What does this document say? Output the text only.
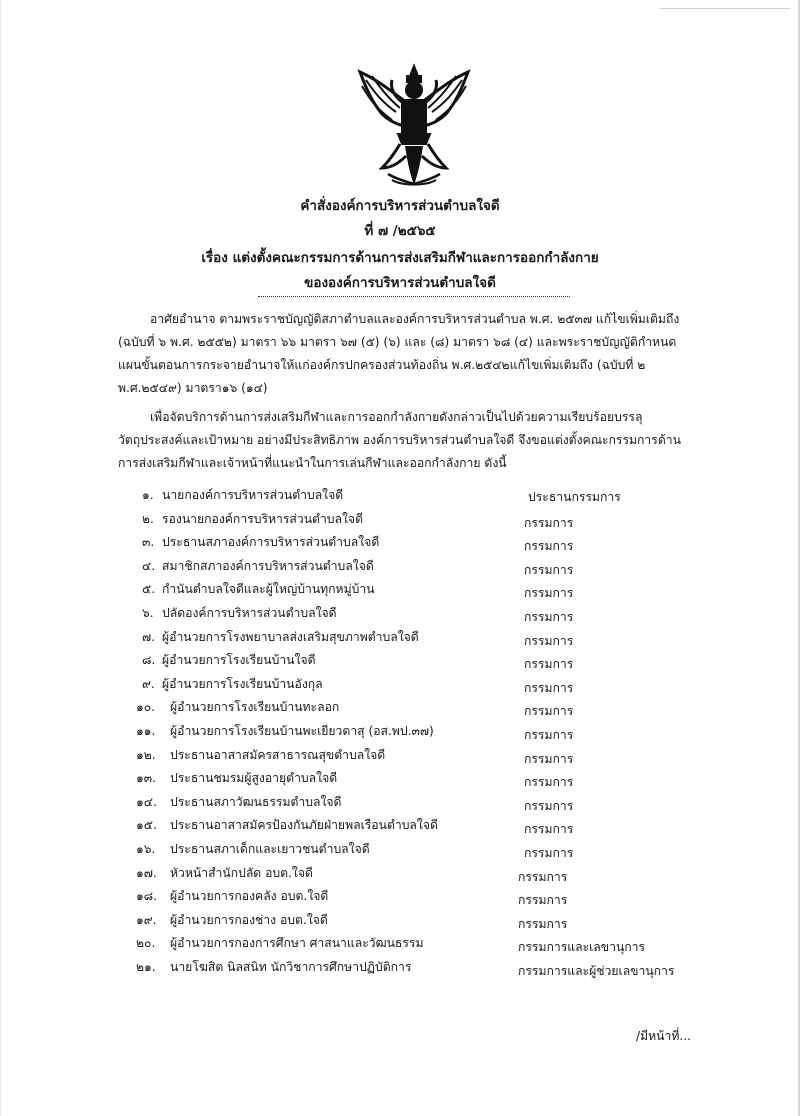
คำสั่งองค์การบริหารส่วนตำบลใจดี
ที่ ๗ /๒๕๖๕
เรื่อง แต่งตั้งคณะกรรมการด้านการส่งเสริมกีฬาและการออกกำลังกาย
ขององค์การบริหารส่วนตำบลใจดี
อาศัยอำนาจ ตามพระราชบัญญัติสภาตำบลและองค์การบริหารส่วนตำบล พ.ศ. ๒๕๓๗ แก้ไขเพิ่มเติมถึง
(ฉบับที่ ๖ พ.ศ. ๒๕๕๒) มาตรา ๖๖ มาตรา ๖๗ (๕) (๖) และ (๘) มาตรา ๖๘ (๔) และพระราชบัญญัติกำหนด
แผนขั้นตอนการกระจายอำนาจให้แก่องค์กรปกครองส่วนท้องถิ่น พ.ศ.๒๕๔๒แก้ไขเพิ่มเติมถึง (ฉบับที่ ๒
พ.ศ.๒๕๔๙) มาตรา๑๖ (๑๔)
เพื่อจัดบริการด้านการส่งเสริมกีฬาและการออกกำลังกายดังกล่าวเป็นไปด้วยความเรียบร้อยบรรลุ
วัตถุประสงค์และเป้าหมาย อย่างมีประสิทธิภาพ องค์การบริหารส่วนตำบลใจดี จึงขอแต่งตั้งคณะกรรมการด้าน
การส่งเสริมกีฬาและเจ้าหน้าที่แนะนำในการเล่นกีฬาและออกกำลังกาย ดังนี้
๑. นายกองค์การบริหารส่วนตำบลใจดี	ประธานกรรมการ
๒. รองนายกองค์การบริหารส่วนตำบลใจดี	กรรมการ
๓. ประธานสภาองค์การบริหารส่วนตำบลใจดี	กรรมการ
๔. สมาชิกสภาองค์การบริหารส่วนตำบลใจดี	กรรมการ
๕. กำนันตำบลใจดีและผู้ใหญ่บ้านทุกหมู่บ้าน	กรรมการ
๖. ปลัดองค์การบริหารส่วนตำบลใจดี	กรรมการ
๗. ผู้อำนวยการโรงพยาบาลส่งเสริมสุขภาพตำบลใจดี	กรรมการ
๘. ผู้อำนวยการโรงเรียนบ้านใจดี	กรรมการ
๙. ผู้อำนวยการโรงเรียนบ้านอังกุล	กรรมการ
๑๐. ผู้อำนวยการโรงเรียนบ้านทะลอก	กรรมการ
๑๑. ผู้อำนวยการโรงเรียนบ้านพะเยียวตาสุ (อส.พป.๓๗)	กรรมการ
๑๒. ประธานอาสาสมัครสาธารณสุขตำบลใจดี	กรรมการ
๑๓. ประธานชมรมผู้สูงอายุตำบลใจดี	กรรมการ
๑๔. ประธานสภาวัฒนธรรมตำบลใจดี	กรรมการ
๑๕. ประธานอาสาสมัครป้องกันภัยฝ่ายพลเรือนตำบลใจดี	กรรมการ
๑๖. ประธานสภาเด็กและเยาวชนตำบลใจดี	กรรมการ
๑๗. หัวหน้าสำนักปลัด อบต.ใจดี	กรรมการ
๑๘. ผู้อำนวยการกองคลัง อบต.ใจดี	กรรมการ
๑๙. ผู้อำนวยการกองช่าง อบต.ใจดี	กรรมการ
๒๐. ผู้อำนวยการกองการศึกษา ศาสนาและวัฒนธรรม	กรรมการและเลขานุการ
๒๑. นายโฆสิต นิลสนิท นักวิชาการศึกษาปฏิบัติการ	กรรมการและผู้ช่วยเลขานุการ
/มีหน้าที่...
